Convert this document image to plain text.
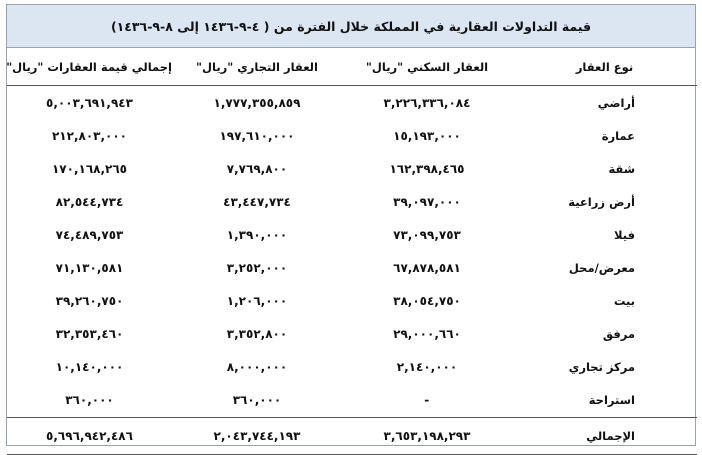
قيمة التداولات العقارية في المملكة خلال الفترة من ( ٤-٩-١٤٣٦ إلى ٨-٩-١٤٣٦)
نوع العقار	العقار السكني "ريال"	العقار التجاري "ريال"	إجمالي قيمة العقارات "ريال"
أراضي	٣,٢٢٦,٣٣٦,٠٨٤	١,٧٧٧,٣٥٥,٨٥٩	٥,٠٠٣,٦٩١,٩٤٣
عمارة	١٥,١٩٣,٠٠٠	١٩٧,٦١٠,٠٠٠	٢١٢,٨٠٣,٠٠٠
شقة	١٦٢,٣٩٨,٤٦٥	٧,٧٦٩,٨٠٠	١٧٠,١٦٨,٢٦٥
أرض زراعية	٣٩,٠٩٧,٠٠٠	٤٣,٤٤٧,٧٣٤	٨٢,٥٤٤,٧٣٤
فيلا	٧٣,٠٩٩,٧٥٣	١,٣٩٠,٠٠٠	٧٤,٤٨٩,٧٥٣
معرض/محل	٦٧,٨٧٨,٥٨١	٣,٢٥٢,٠٠٠	٧١,١٣٠,٥٨١
بيت	٣٨,٠٥٤,٧٥٠	١,٢٠٦,٠٠٠	٣٩,٢٦٠,٧٥٠
مرفق	٢٩,٠٠٠,٦٦٠	٣,٣٥٢,٨٠٠	٣٢,٣٥٣,٤٦٠
مركز تجاري	٢,١٤٠,٠٠٠	٨,٠٠٠,٠٠٠	١٠,١٤٠,٠٠٠
استراحة	-	٣٦٠,٠٠٠	٣٦٠,٠٠٠
الإجمالي	٣,٦٥٣,١٩٨,٢٩٣	٢,٠٤٣,٧٤٤,١٩٣	٥,٦٩٦,٩٤٢,٤٨٦
